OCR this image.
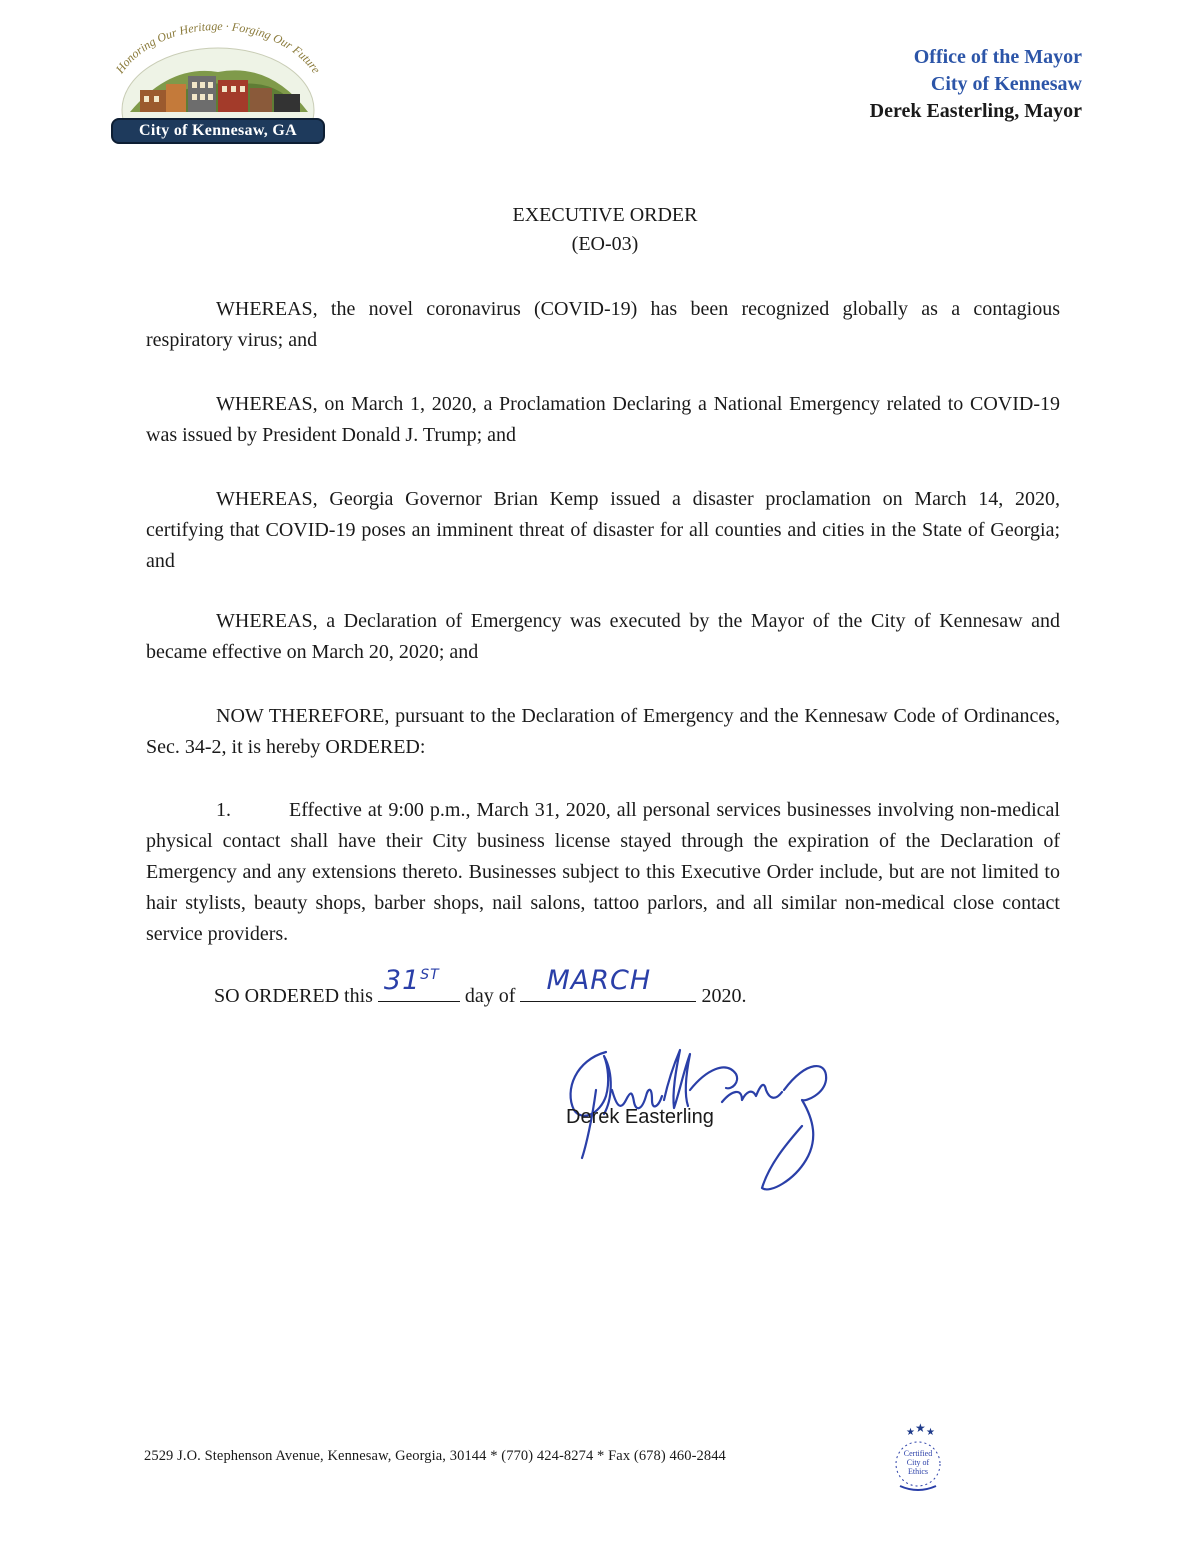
Honoring Our Heritage · Forging Our Future
City of Kennesaw, GA
Office of the Mayor
City of Kennesaw
Derek Easterling, Mayor
EXECUTIVE ORDER
(EO-03)
WHEREAS, the novel coronavirus (COVID-19) has been recognized globally as a contagious respiratory virus; and
WHEREAS, on March 1, 2020, a Proclamation Declaring a National Emergency related to COVID-19 was issued by President Donald J. Trump; and
WHEREAS, Georgia Governor Brian Kemp issued a disaster proclamation on March 14, 2020, certifying that COVID-19 poses an imminent threat of disaster for all counties and cities in the State of Georgia; and
WHEREAS, a Declaration of Emergency was executed by the Mayor of the City of Kennesaw and became effective on March 20, 2020; and
NOW THEREFORE, pursuant to the Declaration of Emergency and the Kennesaw Code of Ordinances, Sec. 34-2, it is hereby ORDERED:
1.	Effective at 9:00 p.m., March 31, 2020, all personal services businesses involving non-medical physical contact shall have their City business license stayed through the expiration of the Declaration of Emergency and any extensions thereto. Businesses subject to this Executive Order include, but are not limited to hair stylists, beauty shops, barber shops, nail salons, tattoo parlors, and all similar non-medical close contact service providers.
SO ORDERED this 31ST
day of MARCH	2020.
Derek Easterling
2529 J.O. Stephenson Avenue, Kennesaw, Georgia, 30144 * (770) 424-8274 * Fax (678) 460-2844
★ ★ ★
Certified
City of
Ethics
